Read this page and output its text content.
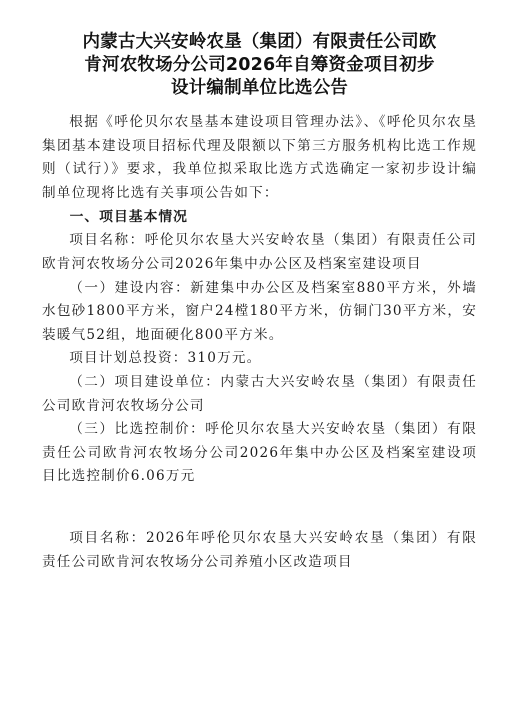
内蒙古大兴安岭农垦（集团）有限责任公司欧
肯河农牧场分公司2026年自筹资金项目初步
设计编制单位比选公告

根据《呼伦贝尔农垦基本建设项目管理办法》、《呼伦贝尔农垦集团基本建设项目招标代理及限额以下第三方服务机构比选工作规则（试行）》要求，我单位拟采取比选方式选确定一家初步设计编制单位现将比选有关事项公告如下：

一、项目基本情况

项目名称：呼伦贝尔农垦大兴安岭农垦（集团）有限责任公司欧肯河农牧场分公司2026年集中办公区及档案室建设项目

（一）建设内容：新建集中办公区及档案室880平方米，外墙水包砂1800平方米，窗户24樘180平方米，仿铜门30平方米，安装暖气52组，地面硬化800平方米。

项目计划总投资：310万元。

（二）项目建设单位：内蒙古大兴安岭农垦（集团）有限责任公司欧肯河农牧场分公司

（三）比选控制价：呼伦贝尔农垦大兴安岭农垦（集团）有限责任公司欧肯河农牧场分公司2026年集中办公区及档案室建设项目比选控制价6.06万元

项目名称：2026年呼伦贝尔农垦大兴安岭农垦（集团）有限责任公司欧肯河农牧场分公司养殖小区改造项目
